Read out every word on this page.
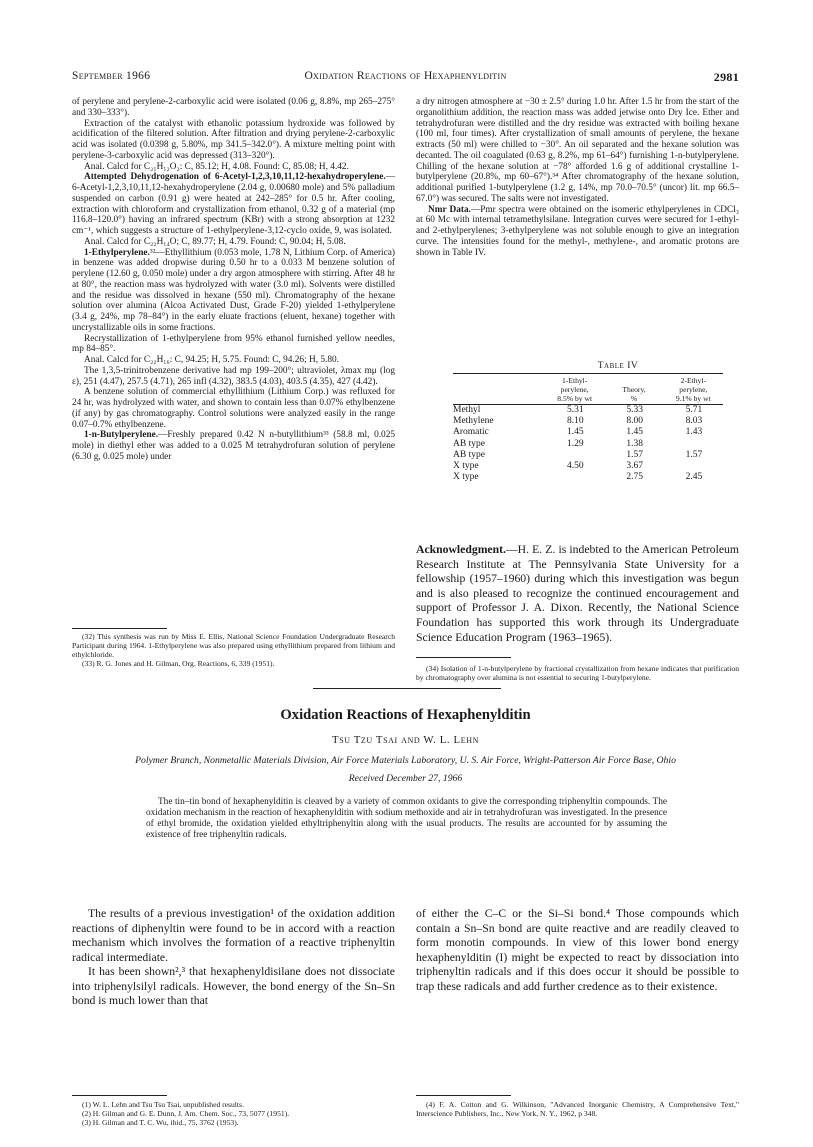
September 1966	Oxidation Reactions of Hexaphenylditin	2981

of perylene and perylene-2-carboxylic acid were isolated (0.06 g, 8.8%, mp 265–275° and 330–333°).

Extraction of the catalyst with ethanolic potassium hydroxide was followed by acidification of the filtered solution. After filtration and drying perylene-2-carboxylic acid was isolated (0.0398 g, 5.80%, mp 341.5–342.0°). A mixture melting point with perylene-3-carboxylic acid was depressed (313–320°).

Anal. Calcd for C₂₁H₁₂O₂: C, 85.12; H, 4.08. Found: C, 85.08; H, 4.42.

Attempted Dehydrogenation of 6-Acetyl-1,2,3,10,11,12-hexahydroperylene.—6-Acetyl-1,2,3,10,11,12-hexahydroperylene (2.04 g, 0.00680 mole) and 5% palladium suspended on carbon (0.91 g) were heated at 242–285° for 0.5 hr. After cooling, extraction with chloroform and crystallization from ethanol, 0.32 g of a material (mp 116.8–120.0°) having an infrared spectrum (KBr) with a strong absorption at 1232 cm⁻¹, which suggests a structure of 1-ethylperylene-3,12-cyclo oxide, 9, was isolated.

Anal. Calcd for C₂₂H₁₄O; C, 89.77; H, 4.79. Found: C, 90.04; H, 5.08.

1-Ethylperylene.³²—Ethyllithium (0.053 mole, 1.78 N, Lithium Corp. of America) in benzene was added dropwise during 0.50 hr to a 0.033 M benzene solution of perylene (12.60 g, 0.050 mole) under a dry argon atmosphere with stirring. After 48 hr at 80°, the reaction mass was hydrolyzed with water (3.0 ml). Solvents were distilled and the residue was dissolved in hexane (550 ml). Chromatography of the hexane solution over alumina (Alcoa Activated Dust, Grade F-20) yielded 1-ethylperylene (3.4 g, 24%, mp 78–84°) in the early eluate fractions (eluent, hexane) together with uncrystallizable oils in some fractions.

Recrystallization of 1-ethylperylene from 95% ethanol furnished yellow needles, mp 84–85°.

Anal. Calcd for C₂₂H₁₆: C, 94.25; H, 5.75. Found: C, 94.26; H, 5.80.

The 1,3,5-trinitrobenzene derivative had mp 199–200°; ultraviolet, λmax mμ (log ε), 251 (4.47), 257.5 (4.71), 265 infl (4.32), 383.5 (4.03), 403.5 (4.35), 427 (4.42).

A benzene solution of commercial ethyllithium (Lithium Corp.) was refluxed for 24 hr, was hydrolyzed with water, and shown to contain less than 0.07% ethylbenzene (if any) by gas chromatography. Control solutions were analyzed easily in the range 0.07–0.7% ethylbenzene.

1-n-Butylperylene.—Freshly prepared 0.42 N n-butyllithium³³ (58.8 ml, 0.025 mole) in diethyl ether was added to a 0.025 M tetrahydrofuran solution of perylene (6.30 g, 0.025 mole) under

(32) This synthesis was run by Miss E. Ellis, National Science Foundation Undergraduate Research Participant during 1964. 1-Ethylperylene was also prepared using ethyllithium prepared from lithium and ethylchloride.

(33) R. G. Jones and H. Gilman, Org. Reactions, 6, 339 (1951).

a dry nitrogen atmosphere at −30 ± 2.5° during 1.0 hr. After 1.5 hr from the start of the organolithium addition, the reaction mass was added jetwise onto Dry Ice. Ether and tetrahydrofuran were distilled and the dry residue was extracted with boiling hexane (100 ml, four times). After crystallization of small amounts of perylene, the hexane extracts (50 ml) were chilled to −30°. An oil separated and the hexane solution was decanted. The oil coagulated (0.63 g, 8.2%, mp 61–64°) furnishing 1-n-butylperylene. Chilling of the hexane solution at −78° afforded 1.6 g of additional crystalline 1-butylperylene (20.8%, mp 60–67°).³⁴ After chromatography of the hexane solution, additional purified 1-butylperylene (1.2 g, 14%, mp 70.0–70.5° (uncor) lit. mp 66.5–67.0°) was secured. The salts were not investigated.

Nmr Data.—Pmr spectra were obtained on the isomeric ethylperylenes in CDCl₃ at 60 Mc with internal tetramethylsilane. Integration curves were secured for 1-ethyl- and 2-ethylperylenes; 3-ethylperylene was not soluble enough to give an integration curve. The intensities found for the methyl-, methylene-, and aromatic protons are shown in Table IV.

Table IV
	1-Ethyl-
perylene,
8.5% by wt	Theory,
%	2-Ethyl-
perylene,
9.1% by wt

Methyl	5.31	5.33	5.71
Methylene	8.10	8.00	8.03
Aromatic	1.45	1.45	1.43
AB type	1.29	1.38	
AB type		1.57	1.57
X type	4.50	3.67	
X type		2.75	2.45
Acknowledgment.—H. E. Z. is indebted to the American Petroleum Research Institute at The Pennsylvania State University for a fellowship (1957–1960) during which this investigation was begun and is also pleased to recognize the continued encouragement and support of Professor J. A. Dixon. Recently, the National Science Foundation has supported this work through its Undergraduate Science Education Program (1963–1965).

(34) Isolation of 1-n-butylperylene by fractional crystallization from hexane indicates that purification by chromatography over alumina is not essential to securing 1-butylperylene.

Oxidation Reactions of Hexaphenylditin
Tsu Tzu Tsai and W. L. Lehn
Polymer Branch, Nonmetallic Materials Division, Air Force Materials Laboratory, U. S. Air Force, Wright-Patterson Air Force Base, Ohio
Received December 27, 1966

The tin–tin bond of hexaphenylditin is cleaved by a variety of common oxidants to give the corresponding triphenyltin compounds. The oxidation mechanism in the reaction of hexaphenylditin with sodium methoxide and air in tetrahydrofuran was investigated. In the presence of ethyl bromide, the oxidation yielded ethyltriphenyltin along with the usual products. The results are accounted for by assuming the existence of free triphenyltin radicals.

The results of a previous investigation¹ of the oxidation addition reactions of diphenyltin were found to be in accord with a reaction mechanism which involves the formation of a reactive triphenyltin radical intermediate.

It has been shown²,³ that hexaphenyldisilane does not dissociate into triphenylsilyl radicals. However, the bond energy of the Sn–Sn bond is much lower than that

of either the C–C or the Si–Si bond.⁴ Those compounds which contain a Sn–Sn bond are quite reactive and are readily cleaved to form monotin compounds. In view of this lower bond energy hexaphenylditin (I) might be expected to react by dissociation into triphenyltin radicals and if this does occur it should be possible to trap these radicals and add further credence as to their existence.

(1) W. L. Lehn and Tsu Tsu Tsai, unpublished results.

(2) H. Gilman and G. E. Dunn, J. Am. Chem. Soc., 73, 5077 (1951).

(3) H. Gilman and T. C. Wu, ibid., 75, 3762 (1953).

(4) F. A. Cotton and G. Wilkinson, "Advanced Inorganic Chemistry, A Comprehensive Text," Interscience Publishers, Inc., New York, N. Y., 1962, p 348.
